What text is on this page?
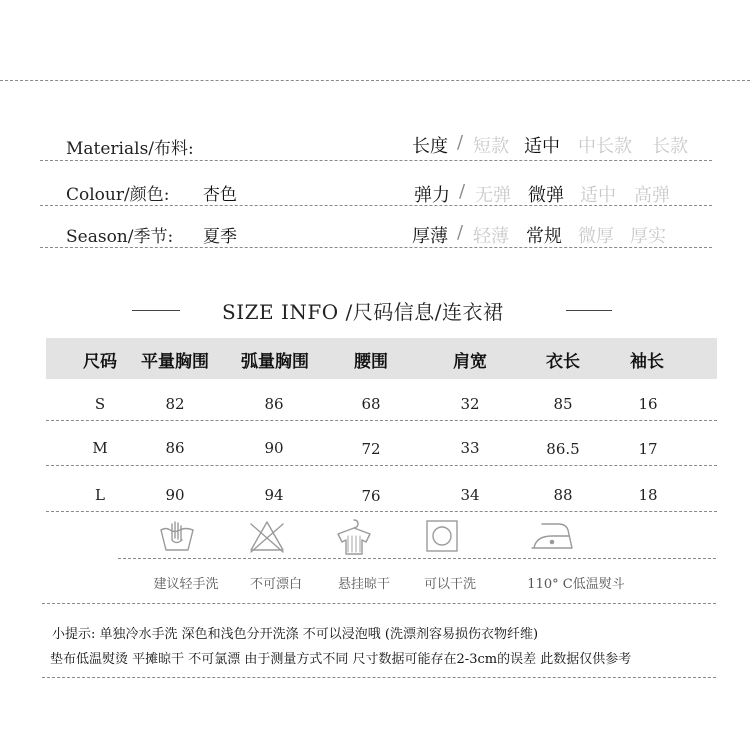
Materials/布料:
Colour/颜色: 杏色
Season/季节: 夏季
长度 / 短款 适中 中长款 长款
弹力 / 无弹 微弹 适中 高弹
厚薄 / 轻薄 常规 微厚 厚实
SIZE INFO /尺码信息/连衣裙
尺码	平量胸围	弧量胸围	腰围	肩宽	衣长	袖长
S	82	86	68	32	85	16
M	86	90	72	33	86.5	17
L	90	94	76	34	88	18
建议轻手洗	不可漂白	悬挂晾干	可以干洗	110° C低温熨斗
小提示: 单独冷水手洗 深色和浅色分开洗涤 不可以浸泡哦 (洗漂剂容易损伤衣物纤维)
垫布低温熨烫 平摊晾干 不可氯漂 由于测量方式不同 尺寸数据可能存在2-3cm的误差 此数据仅供参考
